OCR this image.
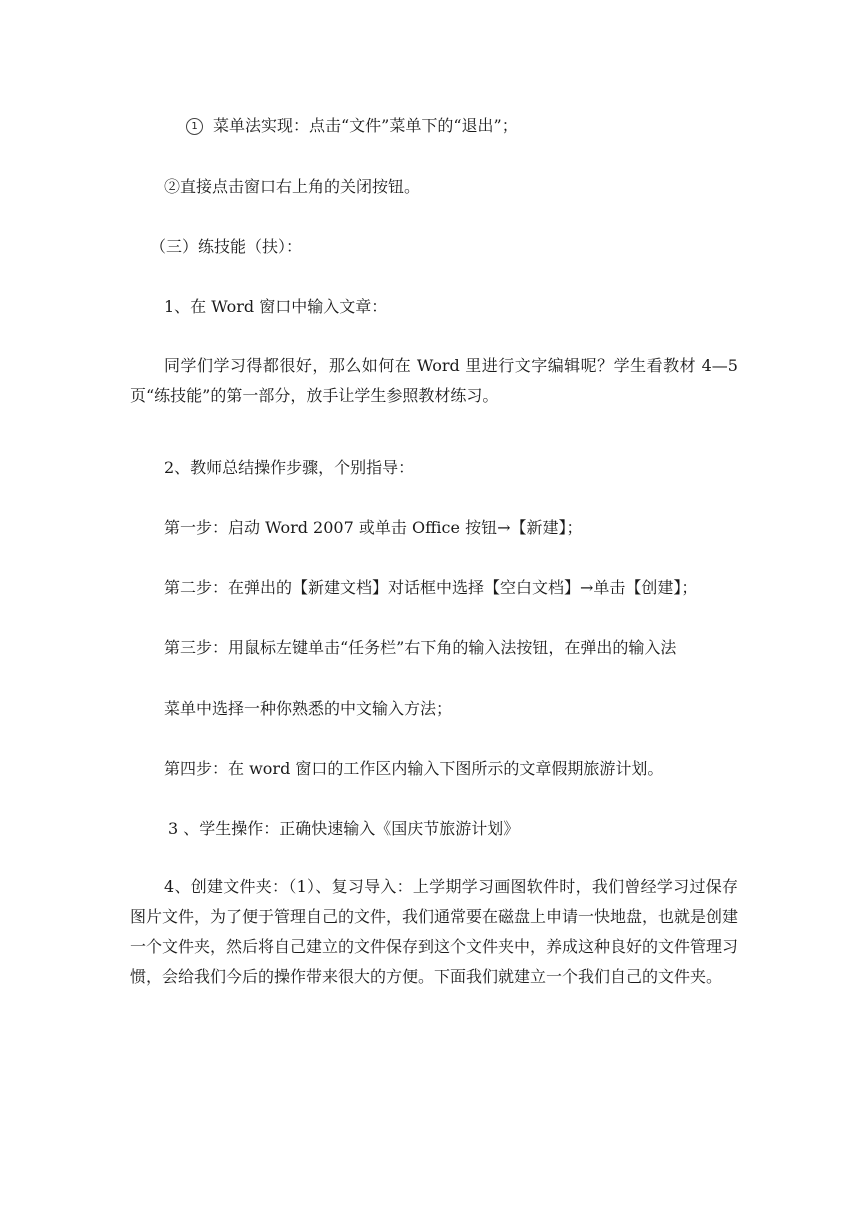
1 菜单法实现：点击“文件”菜单下的“退出”；
②直接点击窗口右上角的关闭按钮。
（三）练技能（扶）：
1、在 Word 窗口中输入文章：
同学们学习得都很好，那么如何在 Word 里进行文字编辑呢？学生看教材 4—5 页“练技能”的第一部分，放手让学生参照教材练习。
2、教师总结操作步骤，个别指导：
第一步：启动 Word 2007 或单击 Office 按钮→【新建】；
第二步：在弹出的【新建文档】对话框中选择【空白文档】→单击【创建】；
第三步：用鼠标左键单击“任务栏”右下角的输入法按钮，在弹出的输入法
菜单中选择一种你熟悉的中文输入方法；
第四步：在 word 窗口的工作区内输入下图所示的文章假期旅游计划。
3 、学生操作：正确快速输入《国庆节旅游计划》
4、创建文件夹：（1）、复习导入：上学期学习画图软件时，我们曾经学习过保存图片文件，为了便于管理自己的文件，我们通常要在磁盘上申请一快地盘，也就是创建一个文件夹，然后将自己建立的文件保存到这个文件夹中，养成这种良好的文件管理习惯，会给我们今后的操作带来很大的方便。下面我们就建立一个我们自己的文件夹。
